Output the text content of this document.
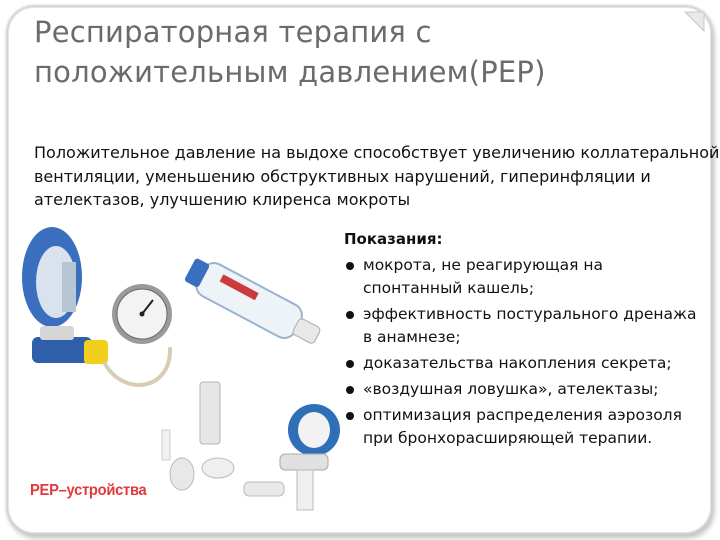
Респираторная терапия с положительным давлением(PEP)

Положительное давление на выдохе способствует увеличению коллатеральной вентиляции, уменьшению обструктивных нарушений, гиперинфляции и ателектазов, улучшению клиренса мокроты

PEP–устройства
Показания:
мокрота, не реагирующая на спонтанный кашель;
эффективность постурального дренажа в анамнезе;
доказательства накопления секрета;
«воздушная ловушка», ателектазы;
оптимизация распределения аэрозоля при бронхорасширяющей терапии.
